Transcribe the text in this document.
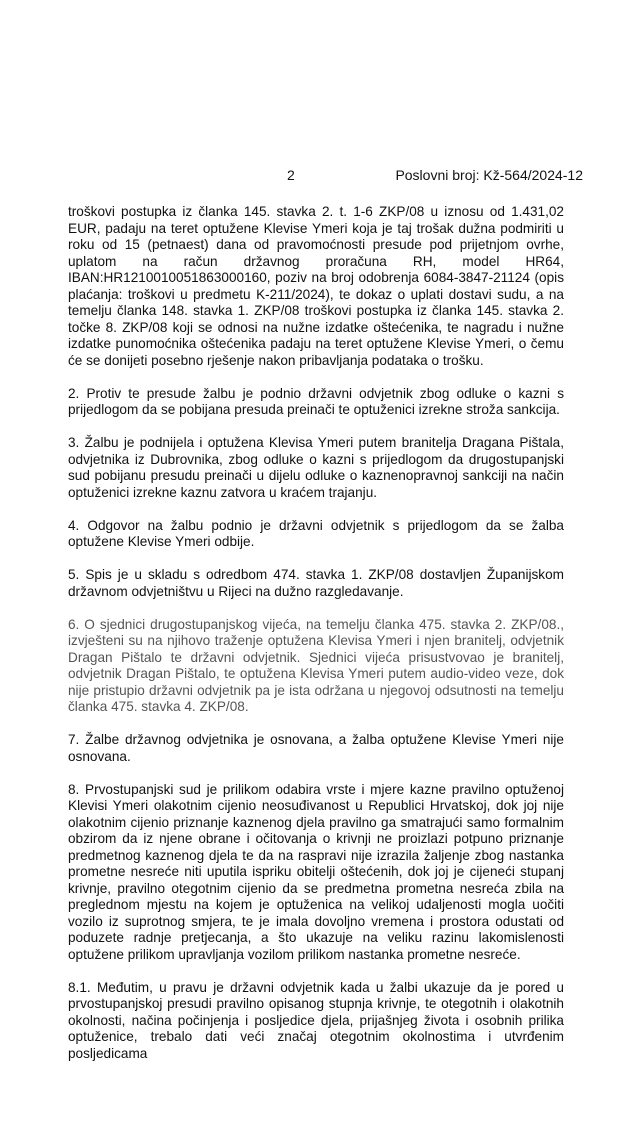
2	Poslovni broj: Kž-564/2024-12

troškovi postupka iz članka 145. stavka 2. t. 1-6 ZKP/08 u iznosu od 1.431,02 EUR, padaju na teret optužene Klevise Ymeri koja je taj trošak dužna podmiriti u roku od 15 (petnaest) dana od pravomoćnosti presude pod prijetnjom ovrhe, uplatom na račun državnog proračuna RH, model HR64, IBAN:HR1210010051863000160, poziv na broj odobrenja 6084-3847-21124 (opis plaćanja: troškovi u predmetu K-211/2024), te dokaz o uplati dostavi sudu, a na temelju članka 148. stavka 1. ZKP/08 troškovi postupka iz članka 145. stavka 2. točke 8. ZKP/08 koji se odnosi na nužne izdatke oštećenika, te nagradu i nužne izdatke punomoćnika oštećenika padaju na teret optužene Klevise Ymeri, o čemu će se donijeti posebno rješenje nakon pribavljanja podataka o trošku.

2. Protiv te presude žalbu je podnio državni odvjetnik zbog odluke o kazni s prijedlogom da se pobijana presuda preinači te optuženici izrekne stroža sankcija.

3. Žalbu je podnijela i optužena Klevisa Ymeri putem branitelja Dragana Pištala, odvjetnika iz Dubrovnika, zbog odluke o kazni s prijedlogom da drugostupanjski sud pobijanu presudu preinači u dijelu odluke o kaznenopravnoj sankciji na način optuženici izrekne kaznu zatvora u kraćem trajanju.

4. Odgovor na žalbu podnio je državni odvjetnik s prijedlogom da se žalba optužene Klevise Ymeri odbije.

5. Spis je u skladu s odredbom 474. stavka 1. ZKP/08 dostavljen Županijskom državnom odvjetništvu u Rijeci na dužno razgledavanje.

6. O sjednici drugostupanjskog vijeća, na temelju članka 475. stavka 2. ZKP/08., izvješteni su na njihovo traženje optužena Klevisa Ymeri i njen branitelj, odvjetnik Dragan Pištalo te državni odvjetnik. Sjednici vijeća prisustvovao je branitelj, odvjetnik Dragan Pištalo, te optužena Klevisa Ymeri putem audio-video veze, dok nije pristupio državni odvjetnik pa je ista održana u njegovoj odsutnosti na temelju članka 475. stavka 4. ZKP/08.

7. Žalbe državnog odvjetnika je osnovana, a žalba optužene Klevise Ymeri nije osnovana.

8. Prvostupanjski sud je prilikom odabira vrste i mjere kazne pravilno optuženoj Klevisi Ymeri olakotnim cijenio neosuđivanost u Republici Hrvatskoj, dok joj nije olakotnim cijenio priznanje kaznenog djela pravilno ga smatrajući samo formalnim obzirom da iz njene obrane i očitovanja o krivnji ne proizlazi potpuno priznanje predmetnog kaznenog djela te da na raspravi nije izrazila žaljenje zbog nastanka prometne nesreće niti uputila ispriku obitelji oštećenih, dok joj je cijeneći stupanj krivnje, pravilno otegotnim cijenio da se predmetna prometna nesreća zbila na preglednom mjestu na kojem je optuženica na velikoj udaljenosti mogla uočiti vozilo iz suprotnog smjera, te je imala dovoljno vremena i prostora odustati od poduzete radnje pretjecanja, a što ukazuje na veliku razinu lakomislenosti optužene prilikom upravljanja vozilom prilikom nastanka prometne nesreće.

8.1. Međutim, u pravu je državni odvjetnik kada u žalbi ukazuje da je pored u prvostupanjskoj presudi pravilno opisanog stupnja krivnje, te otegotnih i olakotnih okolnosti, načina počinjenja i posljedice djela, prijašnjeg života i osobnih prilika optuženice, trebalo dati veći značaj otegotnim okolnostima i utvrđenim posljedicama
